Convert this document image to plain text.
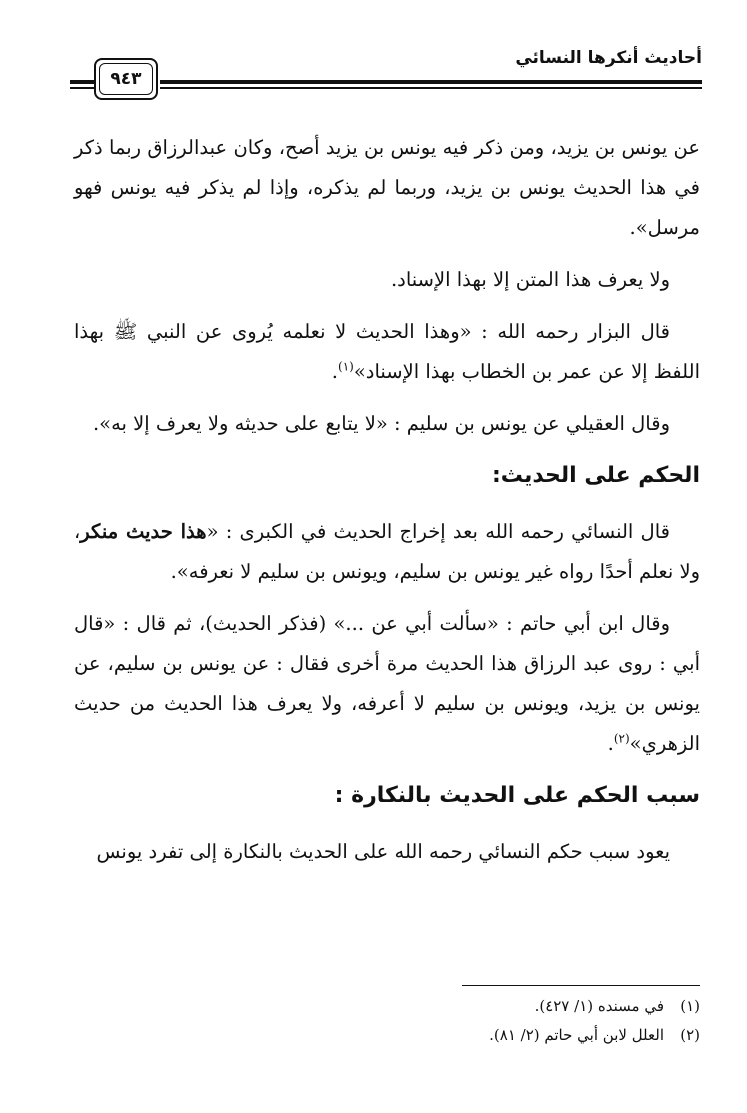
أحاديث أنكرها النسائي
٩٤٣

عن يونس بن يزيد، ومن ذكر فيه يونس بن يزيد أصح، وكان عبدالرزاق ربما ذكر في هذا الحديث يونس بن يزيد، وربما لم يذكره، وإذا لم يذكر فيه يونس فهو مرسل».

ولا يعرف هذا المتن إلا بهذا الإسناد.

قال البزار رحمه الله : «وهذا الحديث لا نعلمه يُروى عن النبي ﷺ بهذا اللفظ إلا عن عمر بن الخطاب بهذا الإسناد»$^{(١)}$.

وقال العقيلي عن يونس بن سليم : «لا يتابع على حديثه ولا يعرف إلا به».

الحكم على الحديث:

قال النسائي رحمه الله بعد إخراج الحديث في الكبرى : «هذا حديث منكر، ولا نعلم أحدًا رواه غير يونس بن سليم، ويونس بن سليم لا نعرفه».

وقال ابن أبي حاتم : «سألت أبي عن ...» (فذكر الحديث)، ثم قال : «قال أبي : روى عبد الرزاق هذا الحديث مرة أخرى فقال : عن يونس بن سليم، عن يونس بن يزيد، ويونس بن سليم لا أعرفه، ولا يعرف هذا الحديث من حديث الزهري»$^{(٢)}$.

سبب الحكم على الحديث بالنكارة :

يعود سبب حكم النسائي رحمه الله على الحديث بالنكارة إلى تفرد يونس

(١)
في مسنده (١/ ٤٢٧).
(٢)
العلل لابن أبي حاتم (٢/ ٨١).
